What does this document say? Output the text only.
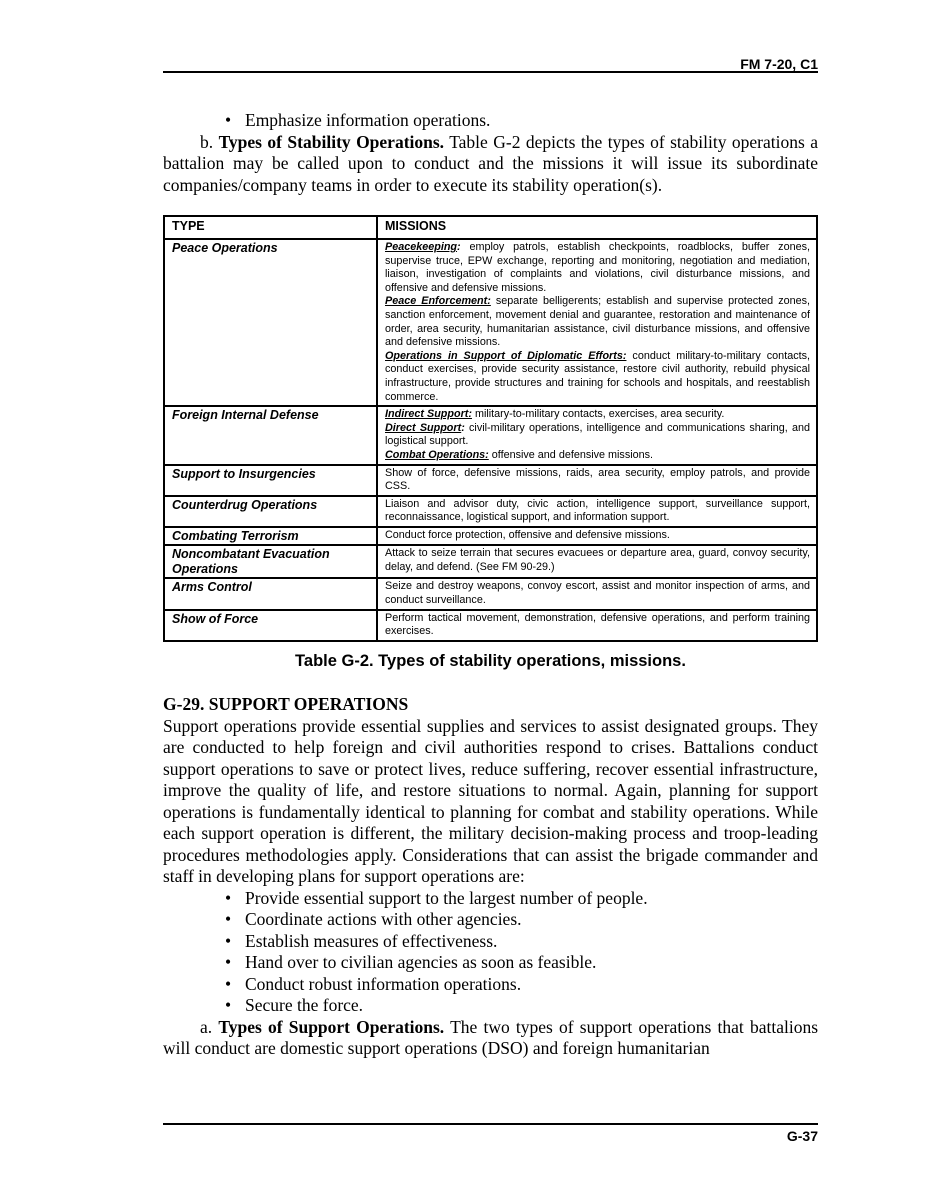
FM 7-20, C1
• Emphasize information operations.
b. Types of Stability Operations. Table G-2 depicts the types of stability operations a battalion may be called upon to conduct and the missions it will issue its subordinate companies/company teams in order to execute its stability operation(s).
TYPE	MISSIONS
Peace Operations	Peacekeeping: employ patrols, establish checkpoints, roadblocks, buffer zones, supervise truce, EPW exchange, reporting and monitoring, negotiation and mediation, liaison, investigation of complaints and violations, civil disturbance missions, and offensive and defensive missions.
Peace Enforcement: separate belligerents; establish and supervise protected zones, sanction enforcement, movement denial and guarantee, restoration and maintenance of order, area security, humanitarian assistance, civil disturbance missions, and offensive and defensive missions.
Operations in Support of Diplomatic Efforts: conduct military-to-military contacts, conduct exercises, provide security assistance, restore civil authority, rebuild physical infrastructure, provide structures and training for schools and hospitals, and reestablish commerce.

Foreign Internal Defense	Indirect Support: military-to-military contacts, exercises, area security.
Direct Support: civil-military operations, intelligence and communications sharing, and logistical support.
Combat Operations: offensive and defensive missions.

Support to Insurgencies	Show of force, defensive missions, raids, area security, employ patrols, and provide CSS.

Counterdrug Operations	Liaison and advisor duty, civic action, intelligence support, surveillance support, reconnaissance, logistical support, and information support.

Combating Terrorism	Conduct force protection, offensive and defensive missions.

Noncombatant Evacuation Operations	Attack to seize terrain that secures evacuees or departure area, guard, convoy security, delay, and defend. (See FM 90-29.)

Arms Control	Seize and destroy weapons, convoy escort, assist and monitor inspection of arms, and conduct surveillance.

Show of Force	Perform tactical movement, demonstration, defensive operations, and perform training exercises.
Table G-2. Types of stability operations, missions.
G-29. SUPPORT OPERATIONS
Support operations provide essential supplies and services to assist designated groups. They are conducted to help foreign and civil authorities respond to crises. Battalions conduct support operations to save or protect lives, reduce suffering, recover essential infrastructure, improve the quality of life, and restore situations to normal. Again, planning for support operations is fundamentally identical to planning for combat and stability operations. While each support operation is different, the military decision-making process and troop-leading procedures methodologies apply. Considerations that can assist the brigade commander and staff in developing plans for support operations are:
• Provide essential support to the largest number of people.
• Coordinate actions with other agencies.
• Establish measures of effectiveness.
• Hand over to civilian agencies as soon as feasible.
• Conduct robust information operations.
• Secure the force.
a. Types of Support Operations. The two types of support operations that battalions will conduct are domestic support operations (DSO) and foreign humanitarian
G-37
